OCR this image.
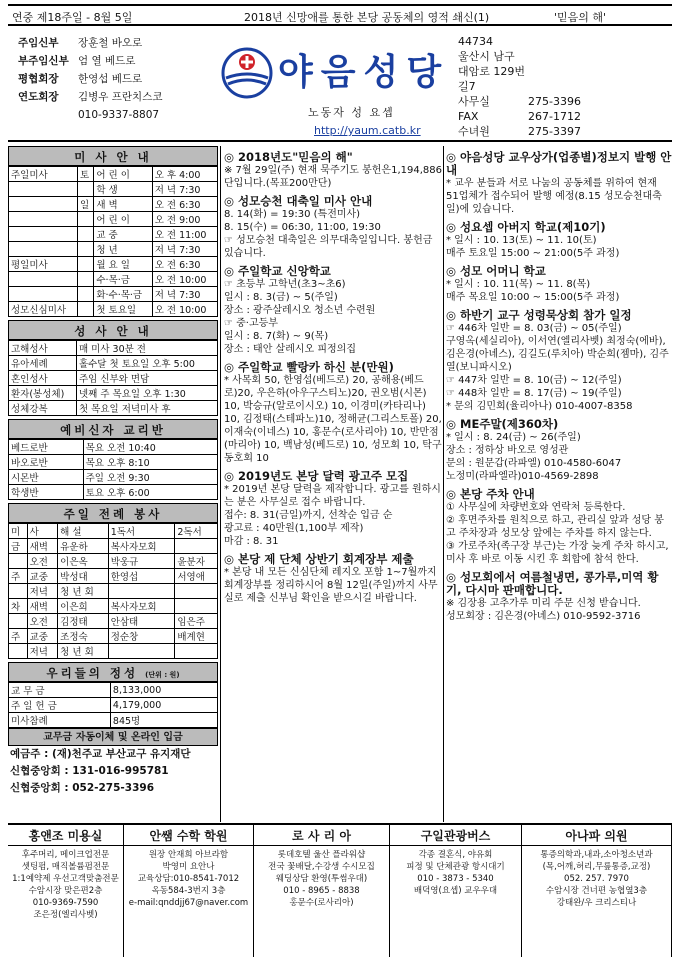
연중 제18주일 - 8월 5일	2018년 신망애를 통한 본당 공동체의 영적 쇄신(1)	'믿음의 해'
주임신부	장훈철 바오로
부주임신부 엄 열 베드로
평협회장	한영섭 베드로
연도회장	김병우 프란치스코
010-9337-8807
야음성당
노동자 성 요셉
http://yaum.catb.kr
44734
울산시 남구 대암로 129번길7
사무실	275-3396
FAX	267-1712
수녀원	275-3397
미 사 안 내
주일미사	토	어 린 이	오 후 4:00
		학 생	저 녁 7:30
	일	새 벽	오 전 6:30
		어 린 이	오 전 9:00
		교 중	오 전 11:00
		청 년	저 녁 7:30
평일미사		월 요 일	오 전 6:30
		수·목·금	오 전 10:00
		화·수·목·금	저 녁 7:30
성모신심미사		첫 토요일	오 전 10:00
성 사 안 내
고해성사	매 미사 30분 전
유아세례	홀수달 첫 토요일 오후 5:00
혼인성사	주임 신부와 면담
환자(봉성체)	넷째 주 목요일 오후 1:30
성체강복	첫 목요일 저녁미사 후
예비신자 교리반
베드로반	목요 오전 10:40
바오로반	목요 오후 8:10
시몬반	주일 오전 9:30
학생반	토요 오후 6:00
주일 전례 봉사
미	사	해 설	1독서	2독서
금	새벽	유운하	복사자모회	
	오전	이은옥	박웅규	윤분자
주	교중	박성대	한영섭	서영애
	저녁	청 년 회		
차	새벽	이은희	복사자모회	
	오전	김정태	안삼태	임은주
주	교중	조정숙	정순창	배계현
	저녁	청 년 회		
우리들의 정성 (단위 : 원)
교 무 금	8,133,000
주 일 헌 금	4,179,000
미사참례	845명
교무금 자동이체 및 온라인 입금
예금주 : (재)천주교 부산교구 유지재단
신협중앙회 : 131-016-995781
신협중앙회 : 052-275-3396
◎ 2018년도"믿음의 해"
※ 7월 29일(주) 현재 묵주기도 봉헌은1,194,886단입니다.(목표200만단)
◎ 성모승천 대축일 미사 안내
8. 14(화) = 19:30 (특전미사)
8. 15(수) = 06:30, 11:00, 19:30
☞ 성모승천 대축일은 의무대축일입니다. 봉헌금 있습니다.
◎ 주일학교 신앙학교
☞ 초등부 고학년(초3~초6)
일시 : 8. 3(금) ~ 5(주일)
장소 : 광주살레시오 청소년 수련원
☞ 중·고등부
일시 : 8. 7(화) ~ 9(목)
장소 : 태안 살레시오 피정의집
◎ 주일학교 빨랑카 하신 분(만원)
* 사목회 50, 한영섭(베드로) 20, 공해용(베드로)20, 우은하(아우구스티노)20, 권오범(시몬) 10, 박승규(알로이시오) 10, 이경미(카타리나) 10, 김정태(스테파노)10, 정해균(그리스토폴) 20, 이재숙(이네스) 10, 홍문수(로사리아) 10, 반만점(마리아) 10, 백남성(베드로) 10, 성모회 10, 탁구동호회 10
◎ 2019년도 본당 달력 광고주 모집
* 2019년 본당 달력을 제작합니다. 광고를 원하시는 분은 사무실로 접수 바랍니다.
접수: 8. 31(금일)까지, 선착순 입금 순
광고료 : 40만원(1,100부 제작)
마감 : 8. 31
◎ 본당 제 단체 상반기 회계장부 제출
* 본당 내 모든 신심단체 레지오 포함 1~7월까지 회계장부를 정리하시어 8월 12일(주일)까지 사무실로 제출 신부님 확인을 받으시길 바랍니다.
◎ 야음성당 교우상가(업종별)정보지 발행 안내
* 교우 분들과 서로 나눔의 공동체를 위하여 현재 51업체가 접수되어 발행 예정(8.15 성모승천대축일)에 있습니다.
◎ 성요셉 아버지 학교(제10기)
* 일시 : 10. 13(토) ~ 11. 10(토)
매주 토요일 15:00 ~ 21:00(5주 과정)
◎ 성모 어머니 학교
* 일시 : 10. 11(목) ~ 11. 8(목)
매주 목요일 10:00 ~ 15:00(5주 과정)
◎ 하반기 교구 성령묵상회 참가 일정
☞ 446차 일반 = 8. 03(금) ~ 05(주일)
구영옥(세실리아), 이서연(엘리사벳) 최정숙(에바), 김은경(아녜스), 김길도(루치아) 박순희(젬마), 김주열(보니파시오)
☞ 447차 일반 = 8. 10(금) ~ 12(주일)
☞ 448차 일반 = 8. 17(금) ~ 19(주일)
* 문의 김민희(율리아나) 010-4007-8358
◎ ME주말(제360차)
* 일시 : 8. 24(금) ~ 26(주일)
장소 : 정하상 바오로 영성관
문의 : 원문갑(라파엘) 010-4580-6047
노정미(라파엘라)010-4569-2898
◎ 본당 주차 안내
① 사무실에 차량번호와 연락처 등록한다.
② 후면주차를 원칙으로 하고, 관리실 앞과 성당 봉고 주차장과 성모상 앞에는 주차를 하지 않는다.
③ 가로주차(족구장 부근)는 가장 늦게 주차 하시고, 미사 후 바로 이동 시킨 후 회합에 참석 한다.
◎ 성모회에서 여름철냉면, 콩가루,미역 황기, 다시마 판매합니다.
※ 김장용 고추가루 미리 주문 신청 받습니다.
성모회장 : 김은경(아녜스) 010-9592-3716
홍앤조 미용실
후주머리, 메이크업전문
셋팅펌, 매직볼륨펌전문
1:1예약제 우선고객맞춤전문
수암시장 맞은편2층
010-9369-7590
조은정(엘리사벳)
안쌤 수학 학원
원장 안재희 아브라함
박영미 요안나
교육상담:010-8541-7012
옥동584-3번지 3층
e-mail:qnddjj67@naver.com
로 사 리 아
롯데호텔 울산 플라워샵
전국 꽃배달,수강생 수시모집
웨딩상담 환영(투썸우대)
010 - 8965 - 8838
홍문수(로사리아)
구일관광버스
각종 결혼식, 야유회
피정 및 단체관광 항시대기
010 - 3873 - 5340
배덕영(요셉) 교우우대
아나파 의원
통증의학과,내과,소아청소년과
(목,어깨,허리,무릎통증,교정)
052. 257. 7970
수암시장 건너편 농협옆3층
강태완/우 크리스티나
